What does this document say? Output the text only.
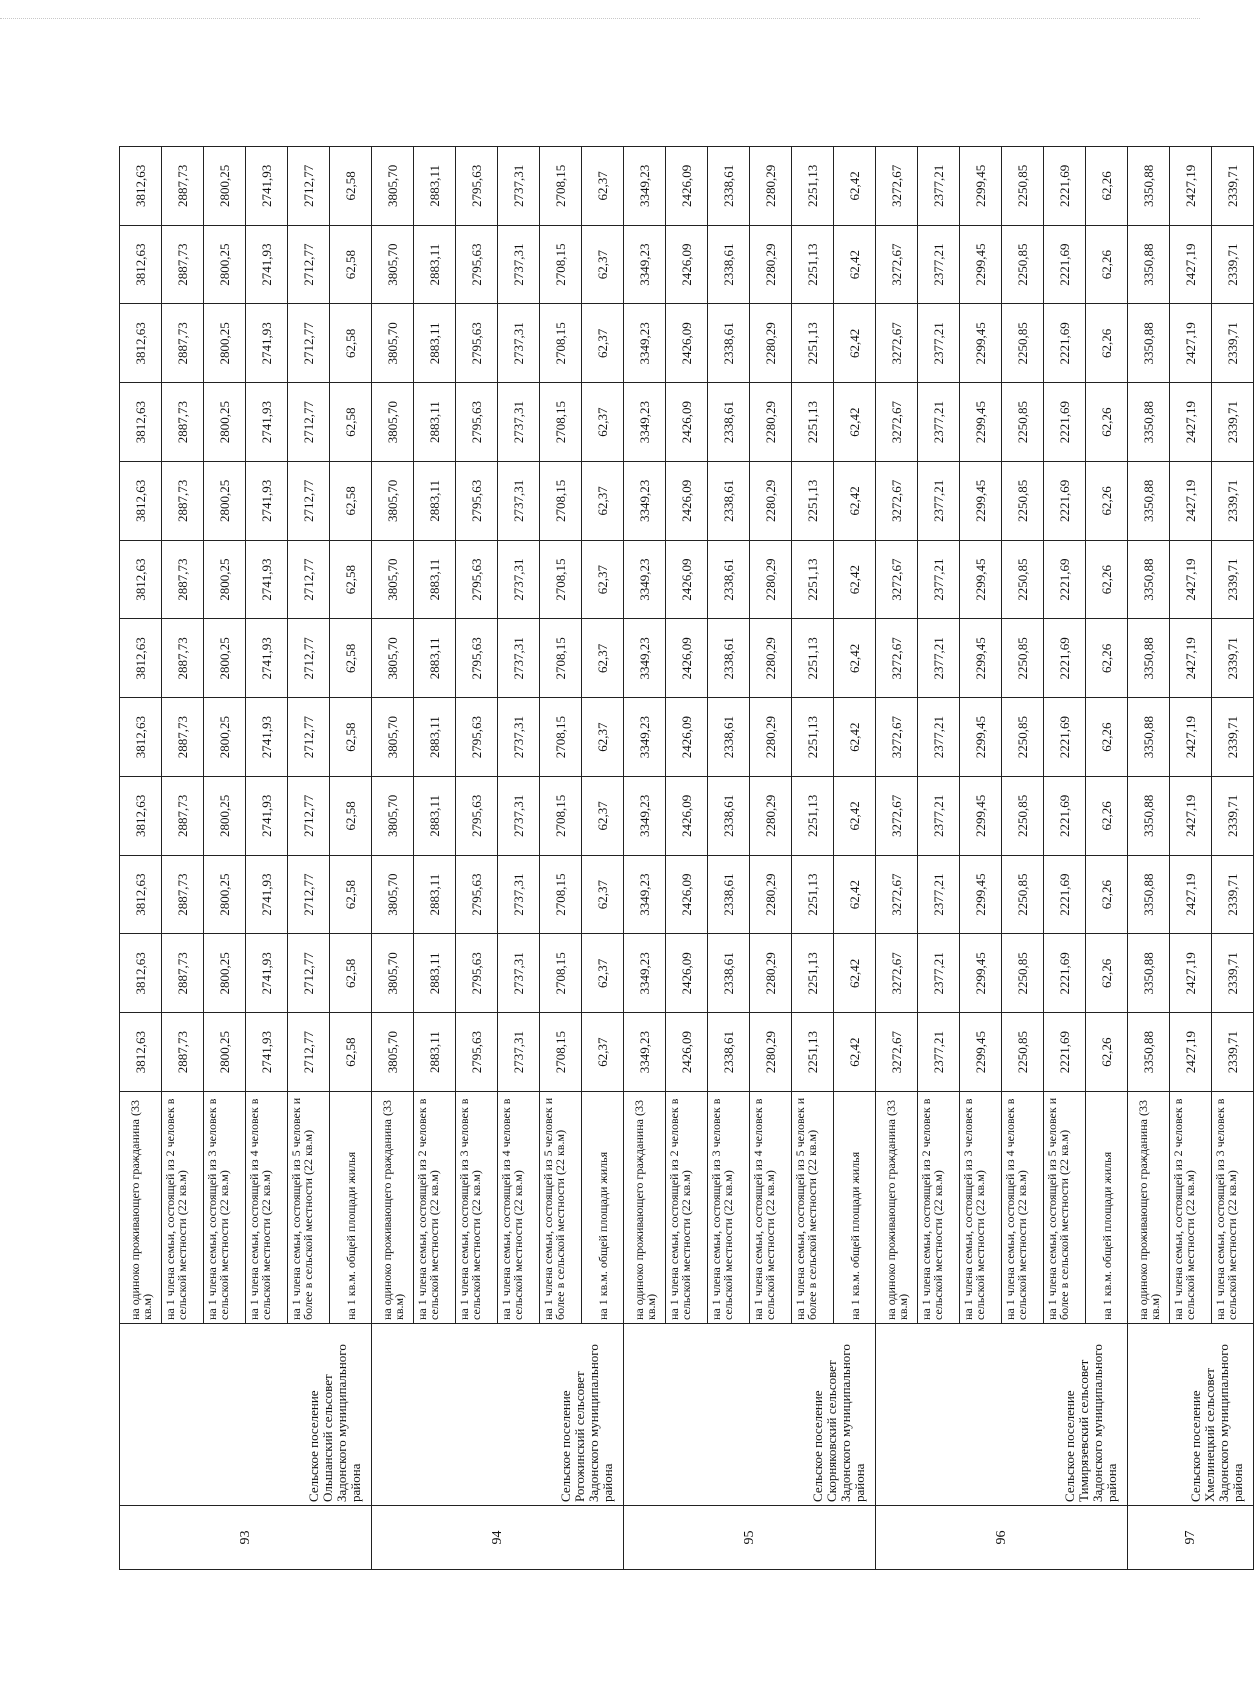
93	Сельское поселение Ольшанский сельсовет Задонского муниципального района	на одиноко проживающего гражданина (33 кв.м)	3812,63	3812,63	3812,63	3812,63	3812,63	3812,63	3812,63	3812,63	3812,63	3812,63	3812,63	3812,63
		на 1 члена семьи, состоящей из 2 человек в сельской местности (22 кв.м)	2887,73	2887,73	2887,73	2887,73	2887,73	2887,73	2887,73	2887,73	2887,73	2887,73	2887,73	2887,73
		на 1 члена семьи, состоящей из 3 человек в сельской местности (22 кв.м)	2800,25	2800,25	2800,25	2800,25	2800,25	2800,25	2800,25	2800,25	2800,25	2800,25	2800,25	2800,25
		на 1 члена семьи, состоящей из 4 человек в сельской местности (22 кв.м)	2741,93	2741,93	2741,93	2741,93	2741,93	2741,93	2741,93	2741,93	2741,93	2741,93	2741,93	2741,93
		на 1 члена семьи, состоящей из 5 человек и более в сельской местности (22 кв.м)	2712,77	2712,77	2712,77	2712,77	2712,77	2712,77	2712,77	2712,77	2712,77	2712,77	2712,77	2712,77
		на 1 кв.м. общей площади жилья	62,58	62,58	62,58	62,58	62,58	62,58	62,58	62,58	62,58	62,58	62,58	62,58
94	Сельское поселение Рогожинский сельсовет Задонского муниципального района	на одиноко проживающего гражданина (33 кв.м)	3805,70	3805,70	3805,70	3805,70	3805,70	3805,70	3805,70	3805,70	3805,70	3805,70	3805,70	3805,70
		на 1 члена семьи, состоящей из 2 человек в сельской местности (22 кв.м)	2883,11	2883,11	2883,11	2883,11	2883,11	2883,11	2883,11	2883,11	2883,11	2883,11	2883,11	2883,11
		на 1 члена семьи, состоящей из 3 человек в сельской местности (22 кв.м)	2795,63	2795,63	2795,63	2795,63	2795,63	2795,63	2795,63	2795,63	2795,63	2795,63	2795,63	2795,63
		на 1 члена семьи, состоящей из 4 человек в сельской местности (22 кв.м)	2737,31	2737,31	2737,31	2737,31	2737,31	2737,31	2737,31	2737,31	2737,31	2737,31	2737,31	2737,31
		на 1 члена семьи, состоящей из 5 человек и более в сельской местности (22 кв.м)	2708,15	2708,15	2708,15	2708,15	2708,15	2708,15	2708,15	2708,15	2708,15	2708,15	2708,15	2708,15
		на 1 кв.м. общей площади жилья	62,37	62,37	62,37	62,37	62,37	62,37	62,37	62,37	62,37	62,37	62,37	62,37
95	Сельское поселение Скорняковский сельсовет Задонского муниципального района	на одиноко проживающего гражданина (33 кв.м)	3349,23	3349,23	3349,23	3349,23	3349,23	3349,23	3349,23	3349,23	3349,23	3349,23	3349,23	3349,23
		на 1 члена семьи, состоящей из 2 человек в сельской местности (22 кв.м)	2426,09	2426,09	2426,09	2426,09	2426,09	2426,09	2426,09	2426,09	2426,09	2426,09	2426,09	2426,09
		на 1 члена семьи, состоящей из 3 человек в сельской местности (22 кв.м)	2338,61	2338,61	2338,61	2338,61	2338,61	2338,61	2338,61	2338,61	2338,61	2338,61	2338,61	2338,61
		на 1 члена семьи, состоящей из 4 человек в сельской местности (22 кв.м)	2280,29	2280,29	2280,29	2280,29	2280,29	2280,29	2280,29	2280,29	2280,29	2280,29	2280,29	2280,29
		на 1 члена семьи, состоящей из 5 человек и более в сельской местности (22 кв.м)	2251,13	2251,13	2251,13	2251,13	2251,13	2251,13	2251,13	2251,13	2251,13	2251,13	2251,13	2251,13
		на 1 кв.м. общей площади жилья	62,42	62,42	62,42	62,42	62,42	62,42	62,42	62,42	62,42	62,42	62,42	62,42
96	Сельское поселение Тимирязевский сельсовет Задонского муниципального района	на одиноко проживающего гражданина (33 кв.м)	3272,67	3272,67	3272,67	3272,67	3272,67	3272,67	3272,67	3272,67	3272,67	3272,67	3272,67	3272,67
		на 1 члена семьи, состоящей из 2 человек в сельской местности (22 кв.м)	2377,21	2377,21	2377,21	2377,21	2377,21	2377,21	2377,21	2377,21	2377,21	2377,21	2377,21	2377,21
		на 1 члена семьи, состоящей из 3 человек в сельской местности (22 кв.м)	2299,45	2299,45	2299,45	2299,45	2299,45	2299,45	2299,45	2299,45	2299,45	2299,45	2299,45	2299,45
		на 1 члена семьи, состоящей из 4 человек в сельской местности (22 кв.м)	2250,85	2250,85	2250,85	2250,85	2250,85	2250,85	2250,85	2250,85	2250,85	2250,85	2250,85	2250,85
		на 1 члена семьи, состоящей из 5 человек и более в сельской местности (22 кв.м)	2221,69	2221,69	2221,69	2221,69	2221,69	2221,69	2221,69	2221,69	2221,69	2221,69	2221,69	2221,69
		на 1 кв.м. общей площади жилья	62,26	62,26	62,26	62,26	62,26	62,26	62,26	62,26	62,26	62,26	62,26	62,26
97	Сельское поселение Хмелинецкий сельсовет Задонского муниципального района	на одиноко проживающего гражданина (33 кв.м)	3350,88	3350,88	3350,88	3350,88	3350,88	3350,88	3350,88	3350,88	3350,88	3350,88	3350,88	3350,88
		на 1 члена семьи, состоящей из 2 человек в сельской местности (22 кв.м)	2427,19	2427,19	2427,19	2427,19	2427,19	2427,19	2427,19	2427,19	2427,19	2427,19	2427,19	2427,19
		на 1 члена семьи, состоящей из 3 человек в сельской местности (22 кв.м)	2339,71	2339,71	2339,71	2339,71	2339,71	2339,71	2339,71	2339,71	2339,71	2339,71	2339,71	2339,71
